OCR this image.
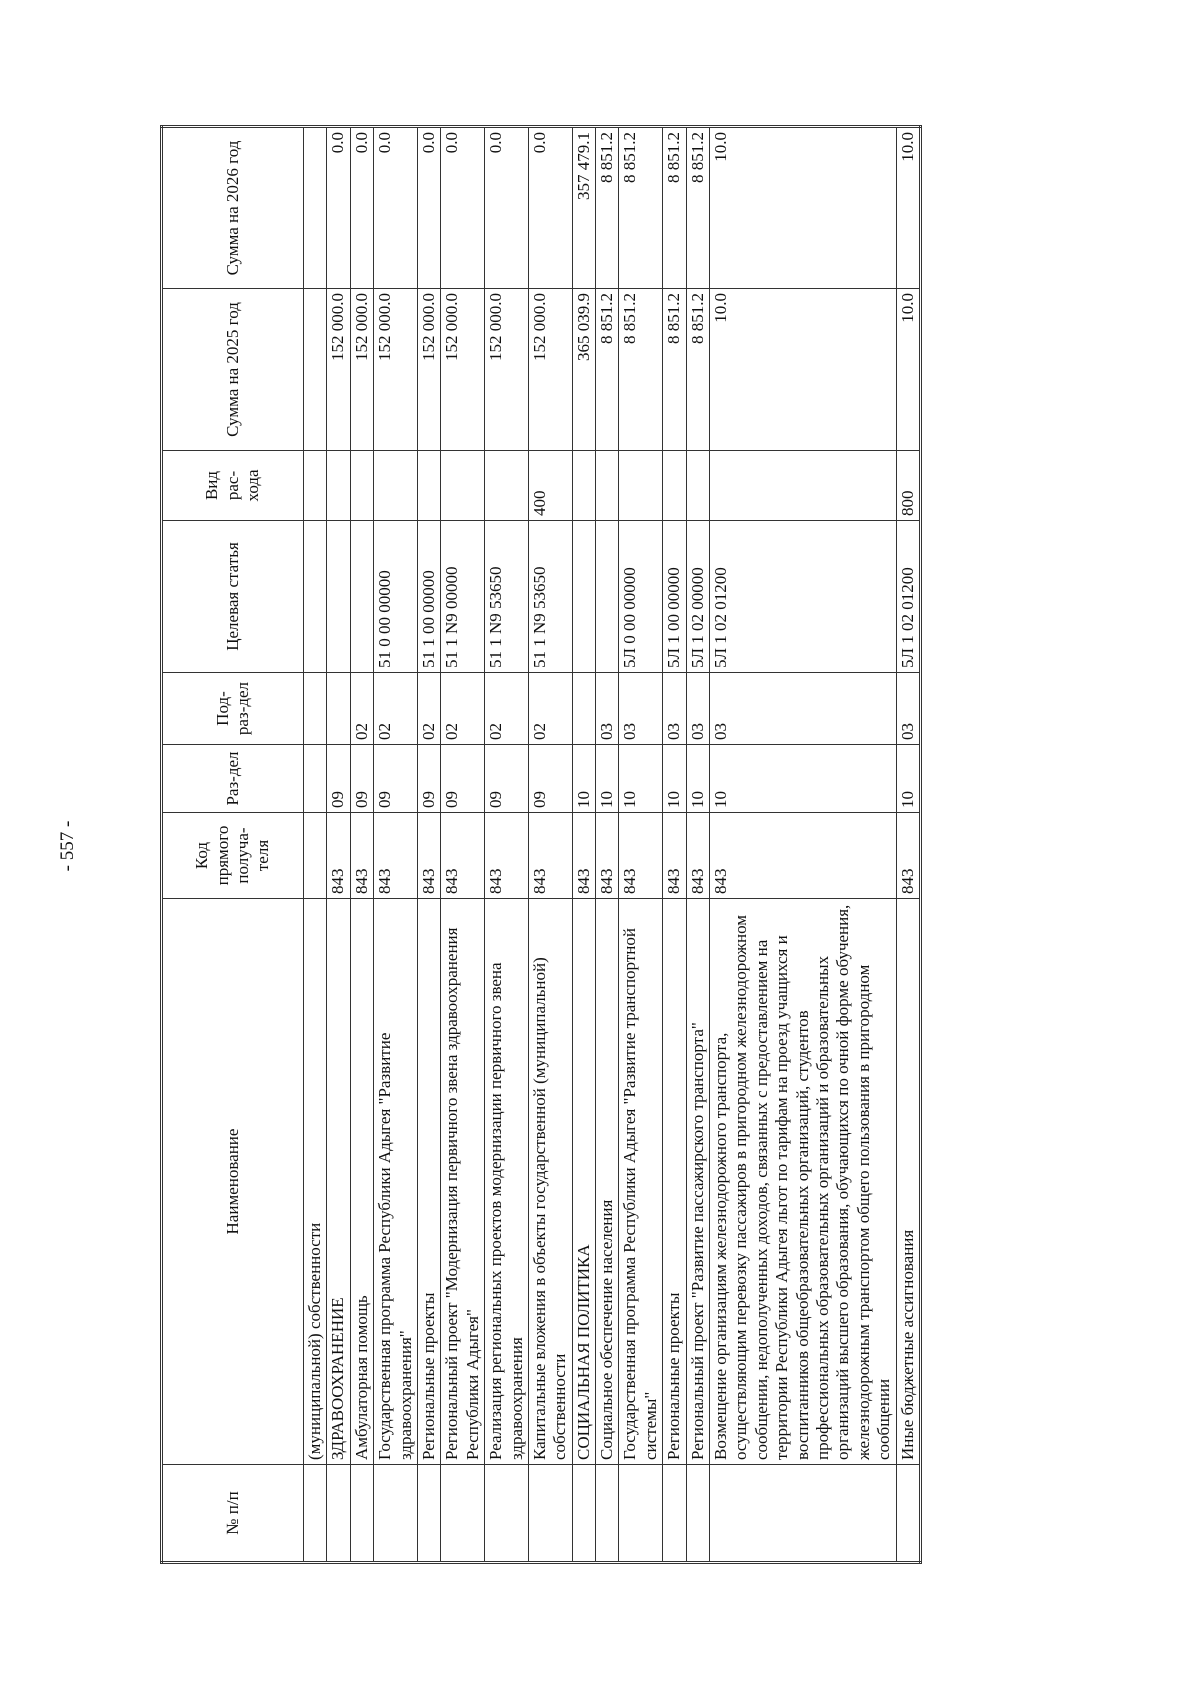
- 557 -
№ п/п	Наименование	Код прямого получа-теля	Раз-дел	Под-раз-дел	Целевая статья	Вид рас-хода	Сумма на 2025 год	Сумма на 2026 год
	(муниципальной) собственности							
	ЗДРАВООХРАНЕНИЕ	843	09				152 000.0	0.0
	Амбулаторная помощь	843	09	02			152 000.0	0.0
	Государственная программа Республики Адыгея "Развитие здравоохранения"	843	09	02	51 0 00 00000		152 000.0	0.0
	Региональные проекты	843	09	02	51 1 00 00000		152 000.0	0.0
	Региональный проект "Модернизация первичного звена здравоохранения Республики Адыгея"	843	09	02	51 1 N9 00000		152 000.0	0.0
	Реализация региональных проектов модернизации первичного звена здравоохранения	843	09	02	51 1 N9 53650		152 000.0	0.0
	Капитальные вложения в объекты государственной (муниципальной) собственности	843	09	02	51 1 N9 53650	400	152 000.0	0.0
	СОЦИАЛЬНАЯ ПОЛИТИКА	843	10				365 039.9	357 479.1
	Социальное обеспечение населения	843	10	03			8 851.2	8 851.2
	Государственная программа Республики Адыгея "Развитие транспортной системы"	843	10	03	5Л 0 00 00000		8 851.2	8 851.2
	Региональные проекты	843	10	03	5Л 1 00 00000		8 851.2	8 851.2
	Региональный проект "Развитие пассажирского транспорта"	843	10	03	5Л 1 02 00000		8 851.2	8 851.2
	Возмещение организациям железнодорожного транспорта, осуществляющим перевозку пассажиров в пригородном железнодорожном сообщении, недополученных доходов, связанных с предоставлением на территории Республики Адыгея льгот по тарифам на проезд учащихся и воспитанников общеобразовательных организаций, студентов профессиональных образовательных организаций и образовательных организаций высшего образования, обучающихся по очной форме обучения, железнодорожным транспортом общего пользования в пригородном сообщении	843	10	03	5Л 1 02 01200		10.0	10.0
	Иные бюджетные ассигнования	843	10	03	5Л 1 02 01200	800	10.0	10.0
